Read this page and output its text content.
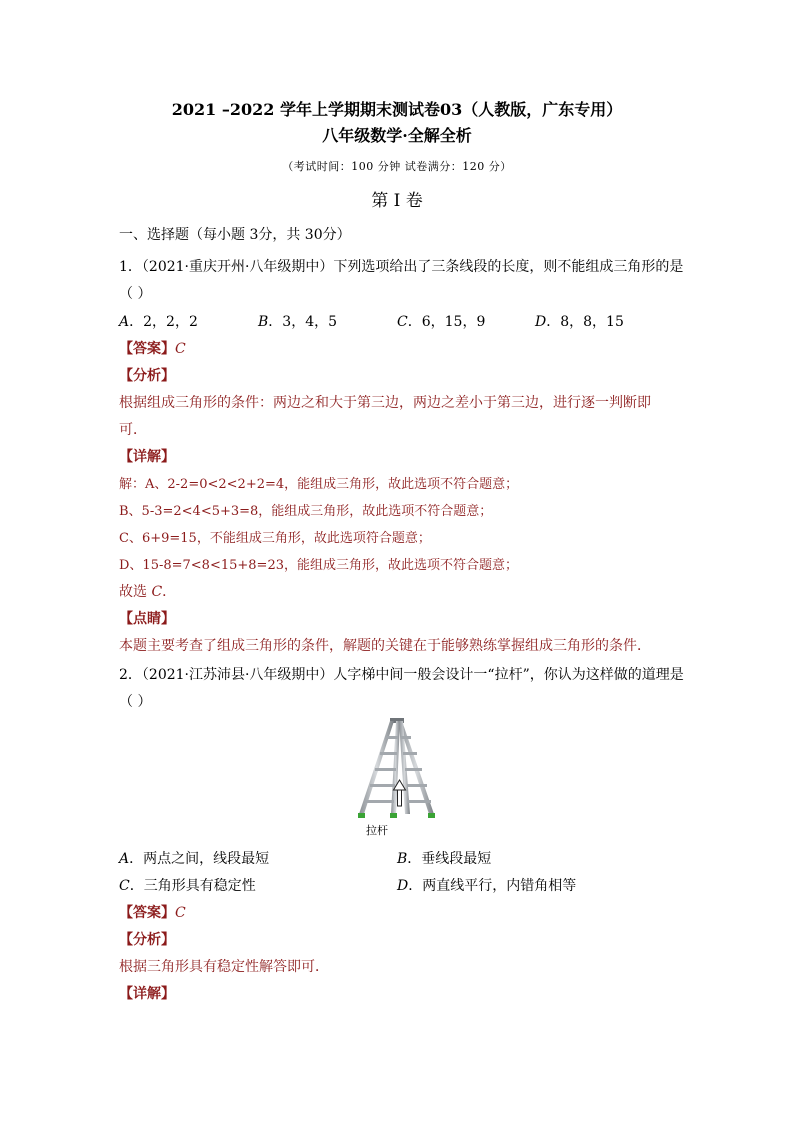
2021 –2022 学年上学期期末测试卷03（人教版，广东专用）
八年级数学·全解全析
（考试时间：100 分钟 试卷满分：120 分）
第 I 卷
一、选择题（每小题 3分，共 30分）
1．（2021·重庆开州·八年级期中）下列选项给出了三条线段的长度，则不能组成三角形的是
（ ）
A．2，2，2	B．3，4，5	C．6，15，9	D．8，8，15
【答案】C
【分析】
根据组成三角形的条件：两边之和大于第三边，两边之差小于第三边，进行逐一判断即
可．
【详解】
解：A、2-2=0<2<2+2=4，能组成三角形，故此选项不符合题意；
B、5-3=2<4<5+3=8，能组成三角形，故此选项不符合题意；
C、6+9=15，不能组成三角形，故此选项符合题意；
D、15-8=7<8<15+8=23，能组成三角形，故此选项不符合题意；
故选 C．
【点睛】
本题主要考查了组成三角形的条件，解题的关键在于能够熟练掌握组成三角形的条件．
2．（2021·江苏沛县·八年级期中）人字梯中间一般会设计一“拉杆”，你认为这样做的道理是
（ ）
拉杆
A．两点之间，线段最短	B．垂线段最短
C．三角形具有稳定性	D．两直线平行，内错角相等
【答案】C
【分析】
根据三角形具有稳定性解答即可．
【详解】
